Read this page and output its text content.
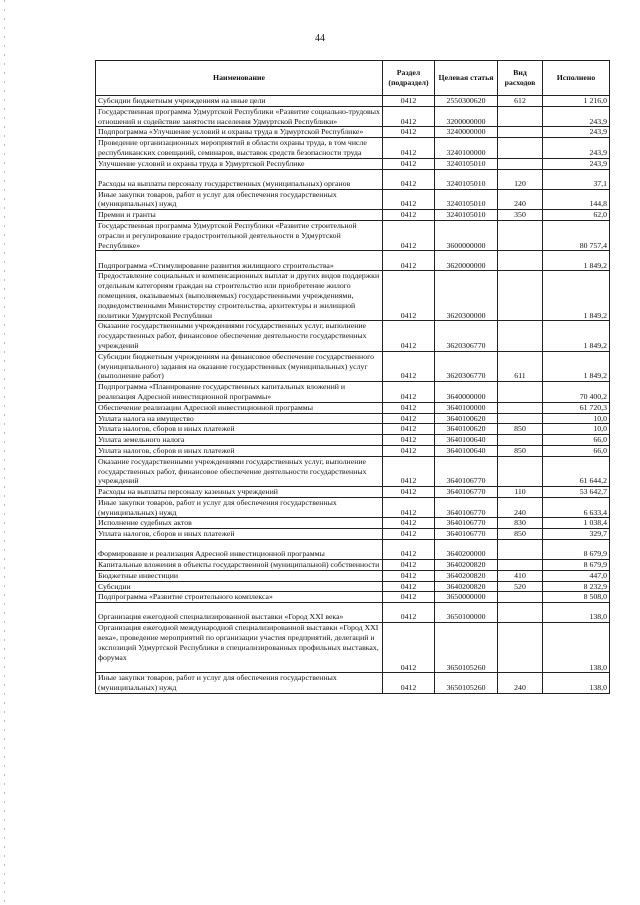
44
Наименование	Раздел (подраздел)	Целевая статья	Вид расходов	Исполнено
Субсидии бюджетным учреждениям на иные цели	0412	2550300620	612	1 216,0
Государственная программа Удмуртской Республики «Развитие социально-трудовых отношений и содействие занятости населения Удмуртской Республики»	0412	3200000000		243,9
Подпрограмма «Улучшение условий и охраны труда в Удмуртской Республике»	0412	3240000000		243,9
Проведение организационных мероприятий в области охраны труда, в том числе республиканских совещаний, семинаров, выставок средств безопасности труда	0412	3240100000		243,9
Улучшение условий и охраны труда в Удмуртской Республике	0412	3240105010		243,9
Расходы на выплаты персоналу государственных (муниципальных) органов	0412	3240105010	120	37,1
Иные закупки товаров, работ и услуг для обеспечения государственных (муниципальных) нужд	0412	3240105010	240	144,8
Премии и гранты	0412	3240105010	350	62,0
Государственная программа Удмуртской Республики «Развитие строительной отрасли и регулирование градостроительной деятельности в Удмуртской Республике»	0412	3600000000		80 757,4
Подпрограмма «Стимулирование развития жилищного строительства»	0412	3620000000		1 849,2
Предоставление социальных и компенсационных выплат и других видов поддержки отдельным категориям граждан на строительство или приобретение жилого помещения, оказываемых (выполняемых) государственными учреждениями, подведомственными Министерству строительства, архитектуры и жилищной политики Удмуртской Республики	0412	3620300000		1 849,2
Оказание государственными учреждениями государственных услуг, выполнение государственных работ, финансовое обеспечение деятельности государственных учреждений	0412	3620306770		1 849,2
Субсидии бюджетным учреждениям на финансовое обеспечение государственного (муниципального) задания на оказание государственных (муниципальных) услуг (выполнение работ)	0412	3620306770	611	1 849,2
Подпрограмма «Планирование государственных капитальных вложений и реализация Адресной инвестиционной программы»	0412	3640000000		70 400,2
Обеспечение реализации Адресной инвестиционной программы	0412	3640100000		61 720,3
Уплата налога на имущество	0412	3640100620		10,0
Уплата налогов, сборов и иных платежей	0412	3640100620	850	10,0
Уплата земельного налога	0412	3640100640		66,0
Уплата налогов, сборов и иных платежей	0412	3640100640	850	66,0
Оказание государственными учреждениями государственных услуг, выполнение государственных работ, финансовое обеспечение деятельности государственных учреждений	0412	3640106770		61 644,2
Расходы на выплаты персоналу казенных учреждений	0412	3640106770	110	53 642,7
Иные закупки товаров, работ и услуг для обеспечения государственных (муниципальных) нужд	0412	3640106770	240	6 633,4
Исполнение судебных актов	0412	3640106770	830	1 038,4
Уплата налогов, сборов и иных платежей	0412	3640106770	850	329,7
Формирование и реализация Адресной инвестиционной программы	0412	3640200000		8 679,9
Капитальные вложения в объекты государственной (муниципальной) собственности	0412	3640200820		8 679,9
Бюджетные инвестиции	0412	3640200820	410	447,0
Субсидии	0412	3640200820	520	8 232,9
Подпрограмма «Развитие строительного комплекса»	0412	3650000000		8 508,0
Организация ежегодной специализированной выставки «Город XXI века»	0412	3650100000		138,0
Организация ежегодной международной специализированной выставки «Город XXI века», проведение мероприятий по организации участия предприятий, делегаций и экспозиций Удмуртской Республики в специализированных профильных выставках, форумах	0412	3650105260		138,0
Иные закупки товаров, работ и услуг для обеспечения государственных (муниципальных) нужд	0412	3650105260	240	138,0
